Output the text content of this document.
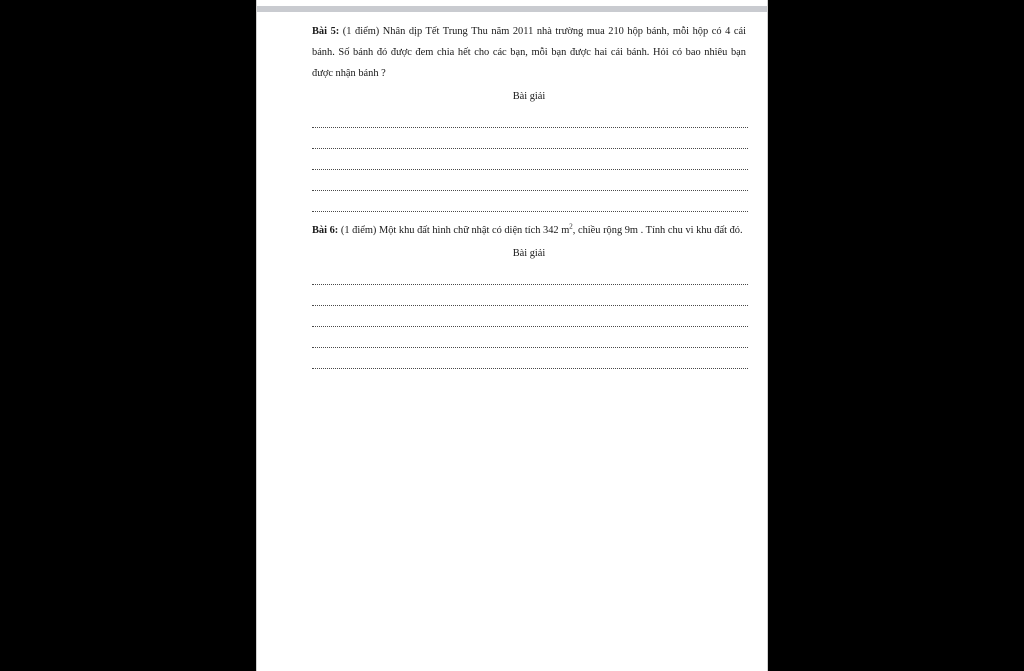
Bài 5: (1 điểm) Nhân dịp Tết Trung Thu năm 2011 nhà trường mua 210 hộp bánh, mỗi hộp có 4 cái bánh. Số bánh đó được đem chia hết cho các bạn, mỗi bạn được hai cái bánh. Hỏi có bao nhiêu bạn được nhận bánh ?

Bài giải

Bài 6: (1 điểm) Một khu đất hình chữ nhật có diện tích 342 $m^2$, chiều rộng 9m . Tính chu vi khu đất đó.

Bài giải
